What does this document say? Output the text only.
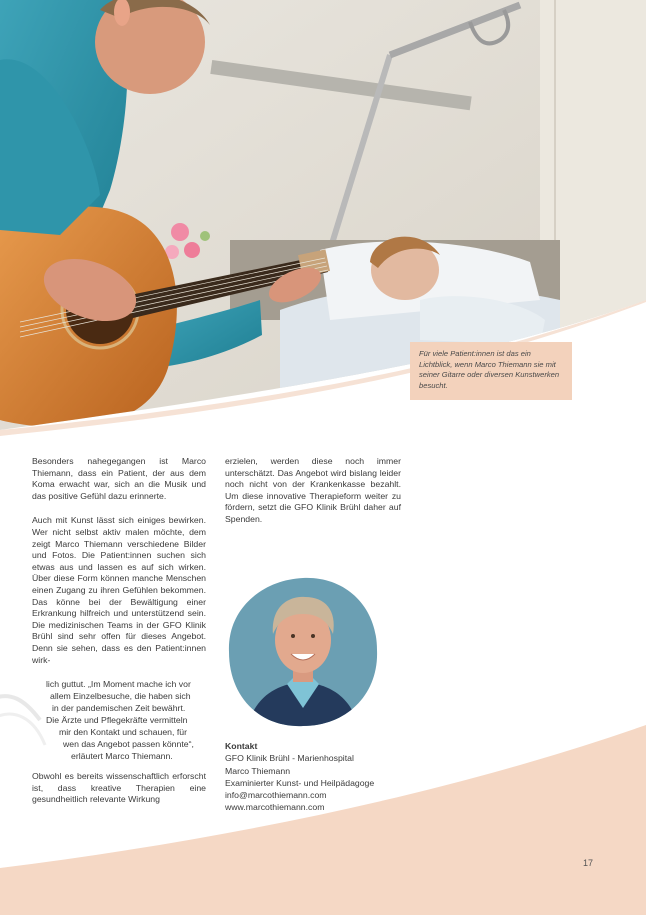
Für viele Patient:innen ist das ein Lichtblick, wenn Marco Thiemann sie mit seiner Gitarre oder diversen Kunstwerken besucht.

Besonders nahegegangen ist Marco Thiemann, dass ein Patient, der aus dem Koma erwacht war, sich an die Musik und das positive Gefühl dazu erinnerte.

Auch mit Kunst lässt sich einiges bewirken. Wer nicht selbst aktiv malen möchte, dem zeigt Marco Thiemann verschiedene Bilder und Fotos. Die Patient:innen suchen sich etwas aus und lassen es auf sich wirken. Über diese Form können manche Menschen einen Zugang zu ihren Gefühlen bekommen. Das könne bei der Bewältigung einer Erkrankung hilfreich und unterstützend sein. Die medizinischen Teams in der GFO Klinik Brühl sind sehr offen für dieses Angebot. Denn sie sehen, dass es den Patient:innen wirk-

lich guttut. „Im Moment mache ich vor
allem Einzelbesuche, die haben sich
in der pandemischen Zeit bewährt.
Die Ärzte und Pflegekräfte vermitteln
mir den Kontakt und schauen, für
wen das Angebot passen könnte“,
erläutert Marco Thiemann.

Obwohl es bereits wissenschaftlich erforscht ist, dass kreative Therapien eine gesundheitlich relevante Wirkung

erzielen, werden diese noch immer unterschätzt. Das Angebot wird bislang leider noch nicht von der Krankenkasse bezahlt. Um diese innovative Therapieform weiter zu fördern, setzt die GFO Klinik Brühl daher auf Spenden.

Kontakt
GFO Klinik Brühl - Marienhospital
Marco Thiemann
Examinierter Kunst- und Heilpädagoge
info@marcothiemann.com
www.marcothiemann.com
17
